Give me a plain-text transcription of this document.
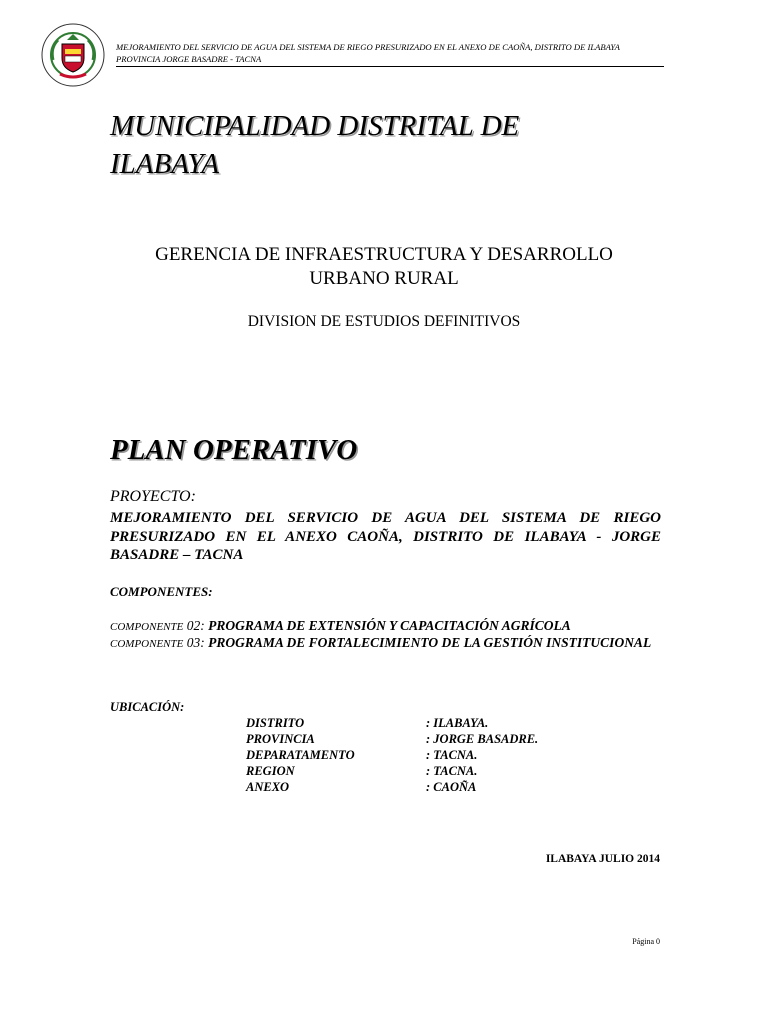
MEJORAMIENTO DEL SERVICIO DE AGUA DEL SISTEMA DE RIEGO PRESURIZADO EN EL ANEXO DE CAOÑA, DISTRITO DE ILABAYA
PROVINCIA JORGE BASADRE - TACNA
MUNICIPALIDAD DISTRITAL DE
ILABAYA
GERENCIA DE INFRAESTRUCTURA Y DESARROLLO
URBANO RURAL
DIVISION DE ESTUDIOS DEFINITIVOS
PLAN OPERATIVO
PROYECTO:
MEJORAMIENTO DEL SERVICIO DE AGUA DEL SISTEMA DE RIEGO PRESURIZADO EN EL ANEXO CAOÑA, DISTRITO DE ILABAYA - JORGE BASADRE – TACNA
COMPONENTES:
COMPONENTE 02: PROGRAMA DE EXTENSIÓN Y CAPACITACIÓN AGRÍCOLA
COMPONENTE 03: PROGRAMA DE FORTALECIMIENTO DE LA GESTIÓN INSTITUCIONAL
UBICACIÓN:
DISTRITO	: ILABAYA.
PROVINCIA	: JORGE BASADRE.
DEPARATAMENTO	: TACNA.
REGION	: TACNA.
ANEXO	: CAOÑA
ILABAYA JULIO 2014
Página 0
